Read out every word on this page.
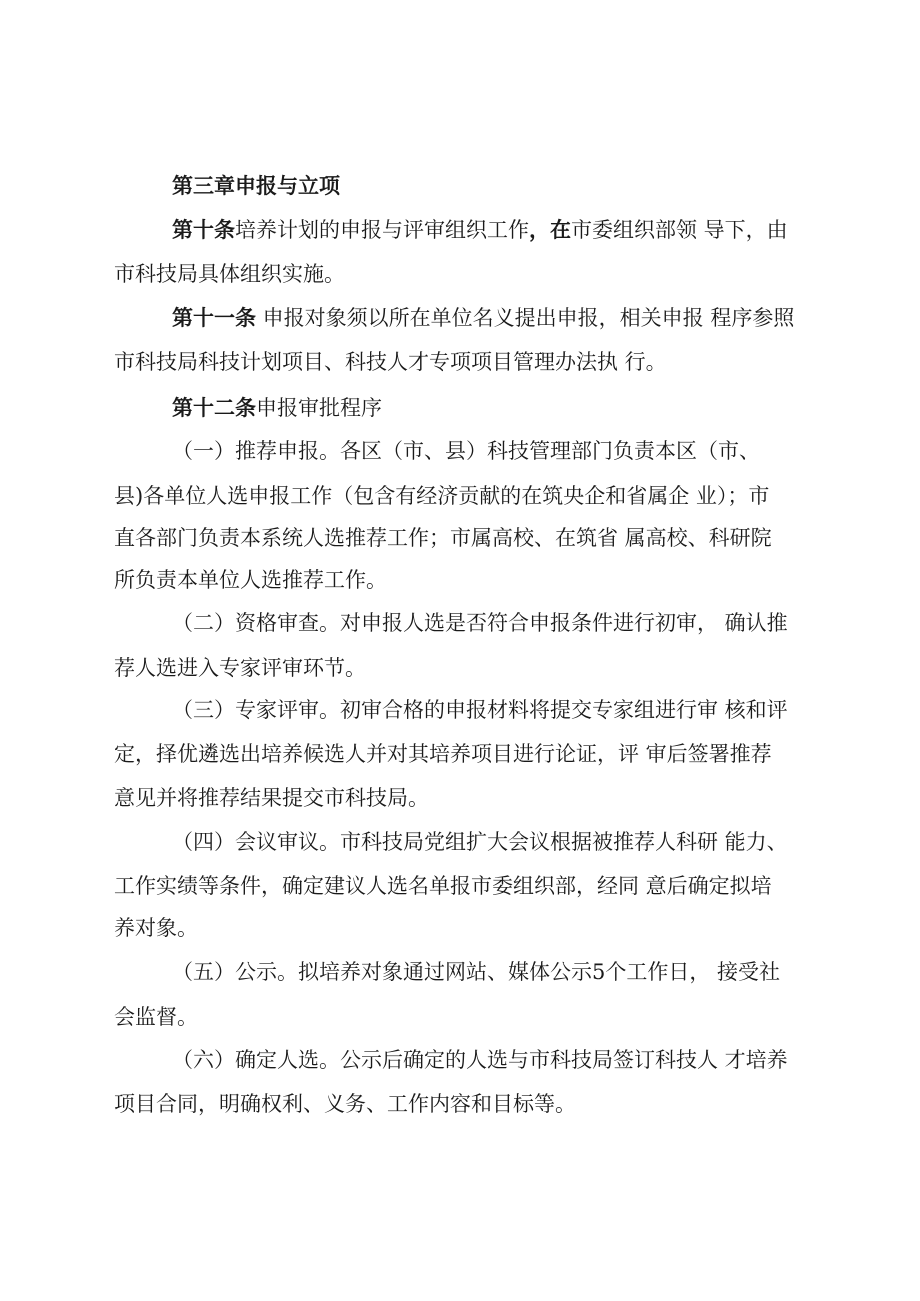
第三章申报与立项
第十条培养计划的申报与评审组织工作，在市委组织部领 导下，由
市科技局具体组织实施。
第十一条 申报对象须以所在单位名义提出申报，相关申报 程序参照
市科技局科技计划项目、科技人才专项项目管理办法执 行。
第十二条申报审批程序
（一）推荐申报。各区（市、县）科技管理部门负责本区（市、
县)各单位人选申报工作（包含有经济贡献的在筑央企和省属企 业）；市
直各部门负责本系统人选推荐工作；市属高校、在筑省 属高校、科研院
所负责本单位人选推荐工作。
（二）资格审查。对申报人选是否符合申报条件进行初审， 确认推
荐人选进入专家评审环节。
（三）专家评审。初审合格的申报材料将提交专家组进行审 核和评
定，择优遴选出培养候选人并对其培养项目进行论证，评 审后签署推荐
意见并将推荐结果提交市科技局。
（四）会议审议。市科技局党组扩大会议根据被推荐人科研 能力、
工作实绩等条件，确定建议人选名单报市委组织部，经同 意后确定拟培
养对象。
（五）公示。拟培养对象通过网站、媒体公示5个工作日， 接受社
会监督。
（六）确定人选。公示后确定的人选与市科技局签订科技人 才培养
项目合同，明确权利、义务、工作内容和目标等。
